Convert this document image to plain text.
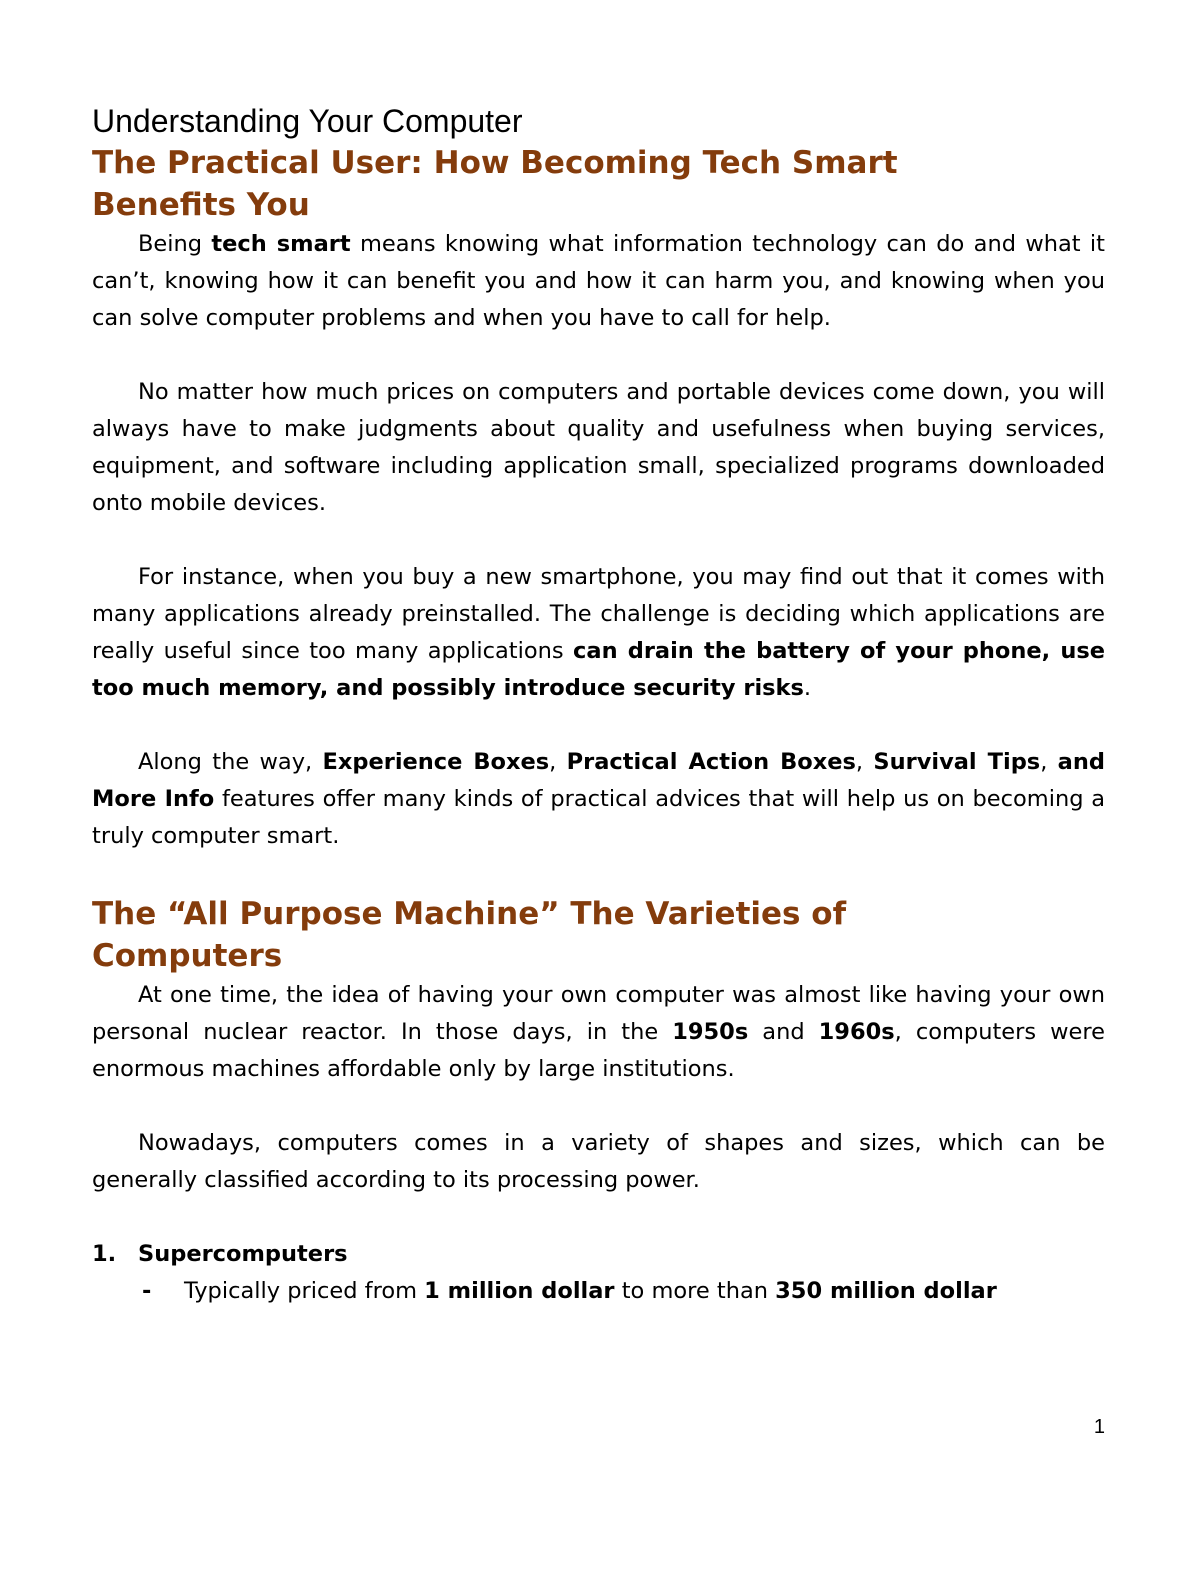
Understanding Your Computer
The Practical User: How Becoming Tech Smart
Benefits You

Being tech smart means knowing what information technology can do and what it can’t, knowing how it can benefit you and how it can harm you, and knowing when you can solve computer problems and when you have to call for help.

No matter how much prices on computers and portable devices come down, you will always have to make judgments about quality and usefulness when buying services, equipment, and software including application small, specialized programs downloaded onto mobile devices.

For instance, when you buy a new smartphone, you may find out that it comes with many applications already preinstalled. The challenge is deciding which applications are really useful since too many applications can drain the battery of your phone, use too much memory, and possibly introduce security risks.

Along the way, Experience Boxes, Practical Action Boxes, Survival Tips, and More Info features offer many kinds of practical advices that will help us on becoming a truly computer smart.

The “All Purpose Machine” The Varieties of
Computers

At one time, the idea of having your own computer was almost like having your own personal nuclear reactor. In those days, in the 1950s and 1960s, computers were enormous machines affordable only by large institutions.

Nowadays, computers comes in a variety of shapes and sizes, which can be generally classified according to its processing power.

1. Supercomputers
- Typically priced from 1 million dollar to more than 350 million dollar
1
